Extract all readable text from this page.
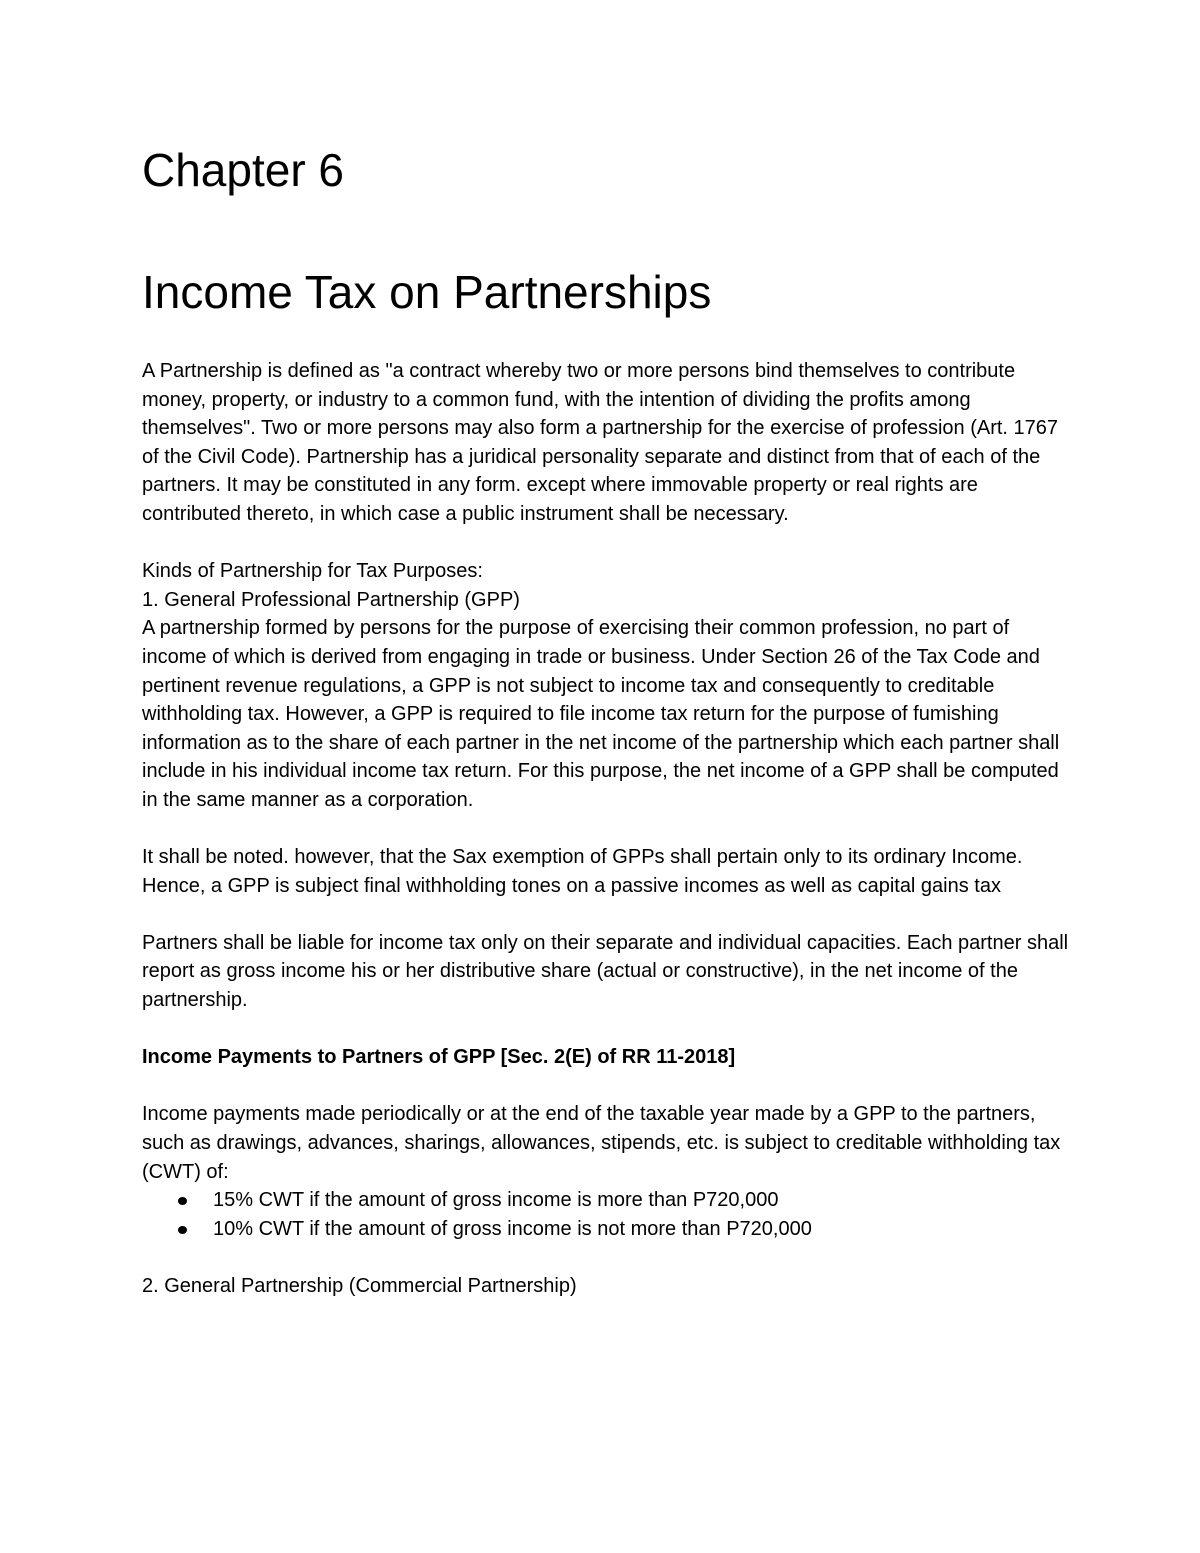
Chapter 6
Income Tax on Partnerships

A Partnership is defined as "a contract whereby two or more persons bind themselves to contribute money, property, or industry to a common fund, with the intention of dividing the profits among themselves". Two or more persons may also form a partnership for the exercise of profession (Art. 1767 of the Civil Code). Partnership has a juridical personality separate and distinct from that of each of the partners. It may be constituted in any form. except where immovable property or real rights are contributed thereto, in which case a public instrument shall be necessary.

Kinds of Partnership for Tax Purposes:

1. General Professional Partnership (GPP)

A partnership formed by persons for the purpose of exercising their common profession, no part of income of which is derived from engaging in trade or business. Under Section 26 of the Tax Code and pertinent revenue regulations, a GPP is not subject to income tax and consequently to creditable withholding tax. However, a GPP is required to file income tax return for the purpose of fumishing information as to the share of each partner in the net income of the partnership which each partner shall include in his individual income tax return. For this purpose, the net income of a GPP shall be computed in the same manner as a corporation.

It shall be noted. however, that the Sax exemption of GPPs shall pertain only to its ordinary Income. Hence, a GPP is subject final withholding tones on a passive incomes as well as capital gains tax

Partners shall be liable for income tax only on their separate and individual capacities. Each partner shall report as gross income his or her distributive share (actual or constructive), in the net income of the partnership.

Income Payments to Partners of GPP [Sec. 2(E) of RR 11-2018]

Income payments made periodically or at the end of the taxable year made by a GPP to the partners, such as drawings, advances, sharings, allowances, stipends, etc. is subject to creditable withholding tax (CWT) of:

15% CWT if the amount of gross income is more than P720,000
10% CWT if the amount of gross income is not more than P720,000

2. General Partnership (Commercial Partnership)
